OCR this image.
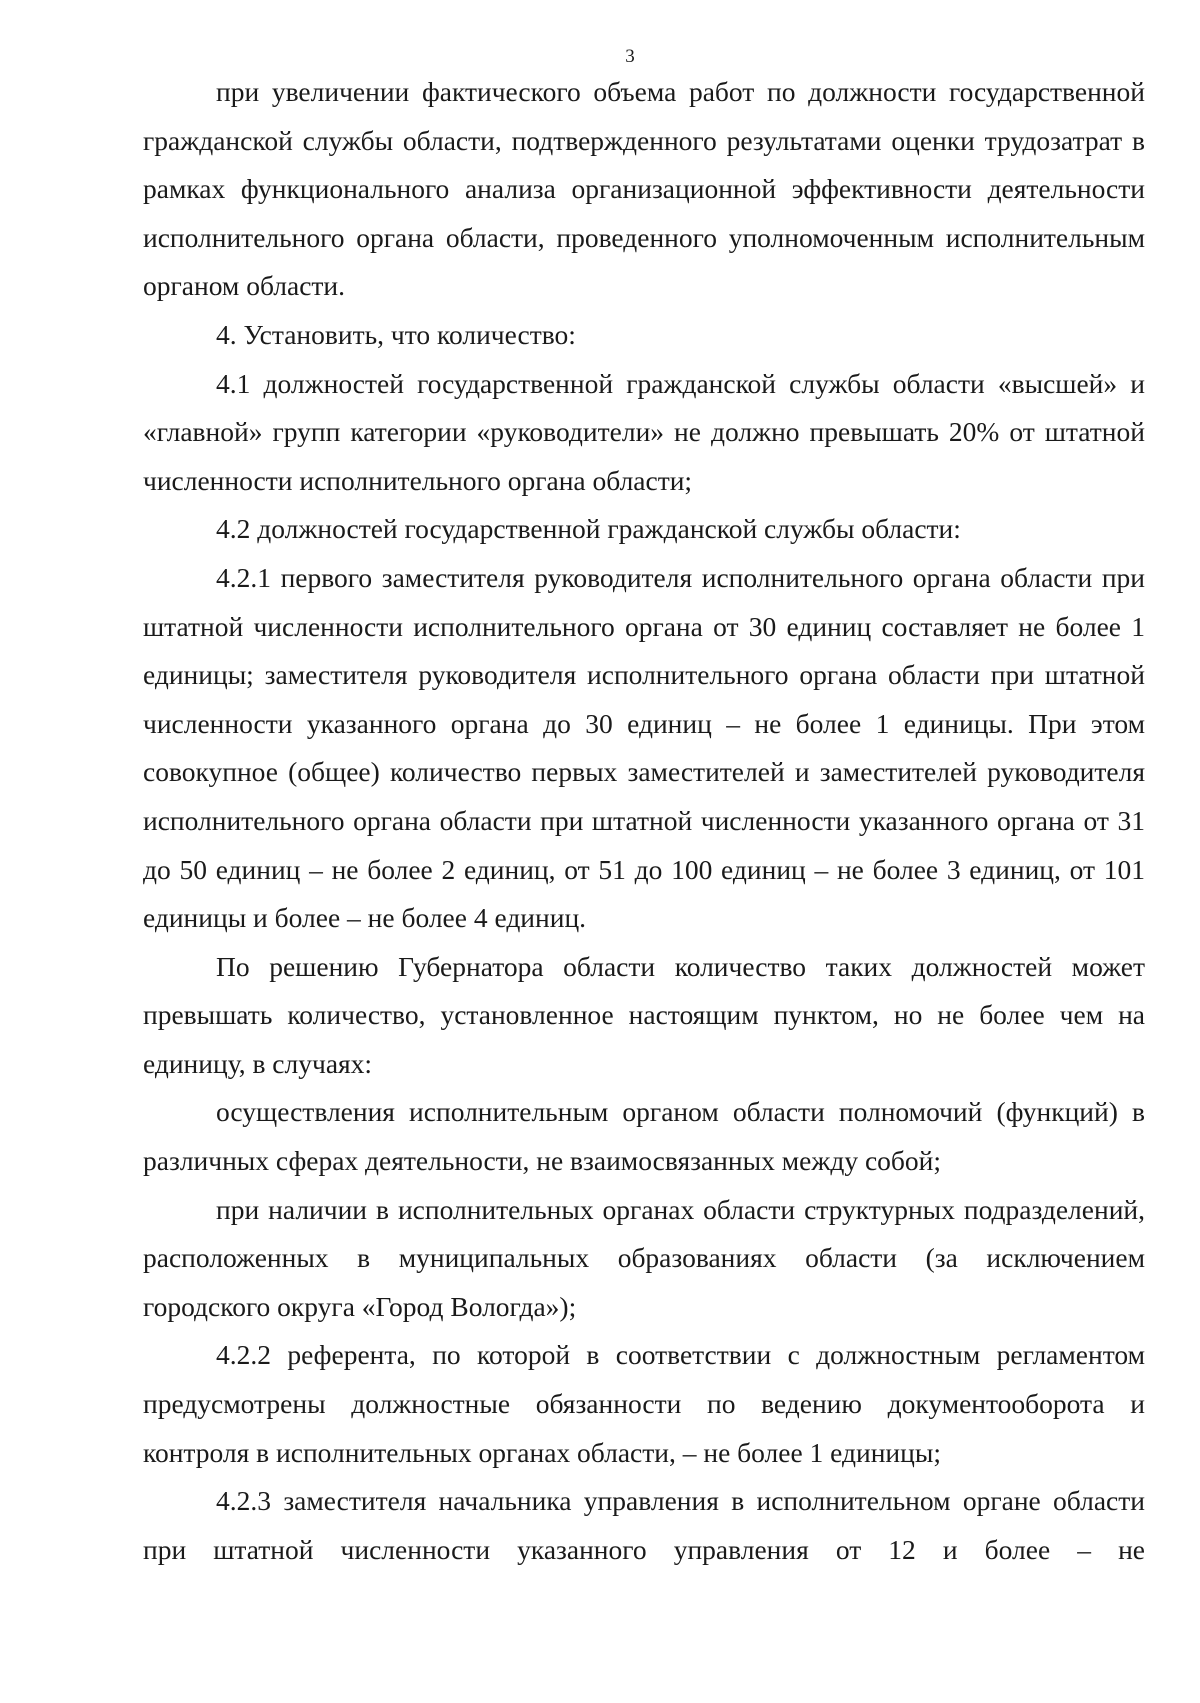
3

при увеличении фактического объема работ по должности государственной гражданской службы области, подтвержденного результатами оценки трудозатрат в рамках функционального анализа организационной эффективности деятельности исполнительного органа области, проведенного уполномоченным исполнительным органом области.

4. Установить, что количество:

4.1 должностей государственной гражданской службы области «высшей» и «главной» групп категории «руководители» не должно превышать 20% от штатной численности исполнительного органа области;

4.2 должностей государственной гражданской службы области:

4.2.1 первого заместителя руководителя исполнительного органа области при штатной численности исполнительного органа от 30 единиц составляет не более 1 единицы; заместителя руководителя исполнительного органа области при штатной численности указанного органа до 30 единиц – не более 1 единицы. При этом совокупное (общее) количество первых заместителей и заместителей руководителя исполнительного органа области при штатной численности указанного органа от 31 до 50 единиц – не более 2 единиц, от 51 до 100 единиц – не более 3 единиц, от 101 единицы и более – не более 4 единиц.

По решению Губернатора области количество таких должностей может превышать количество, установленное настоящим пунктом, но не более чем на единицу, в случаях:

осуществления исполнительным органом области полномочий (функций) в различных сферах деятельности, не взаимосвязанных между собой;

при наличии в исполнительных органах области структурных подразделений, расположенных в муниципальных образованиях области (за исключением городского округа «Город Вологда»);

4.2.2 референта, по которой в соответствии с должностным регламентом предусмотрены должностные обязанности по ведению документооборота и контроля в исполнительных органах области, – не более 1 единицы;

4.2.3 заместителя начальника управления в исполнительном органе области при штатной численности указанного управления от 12 и более – не
